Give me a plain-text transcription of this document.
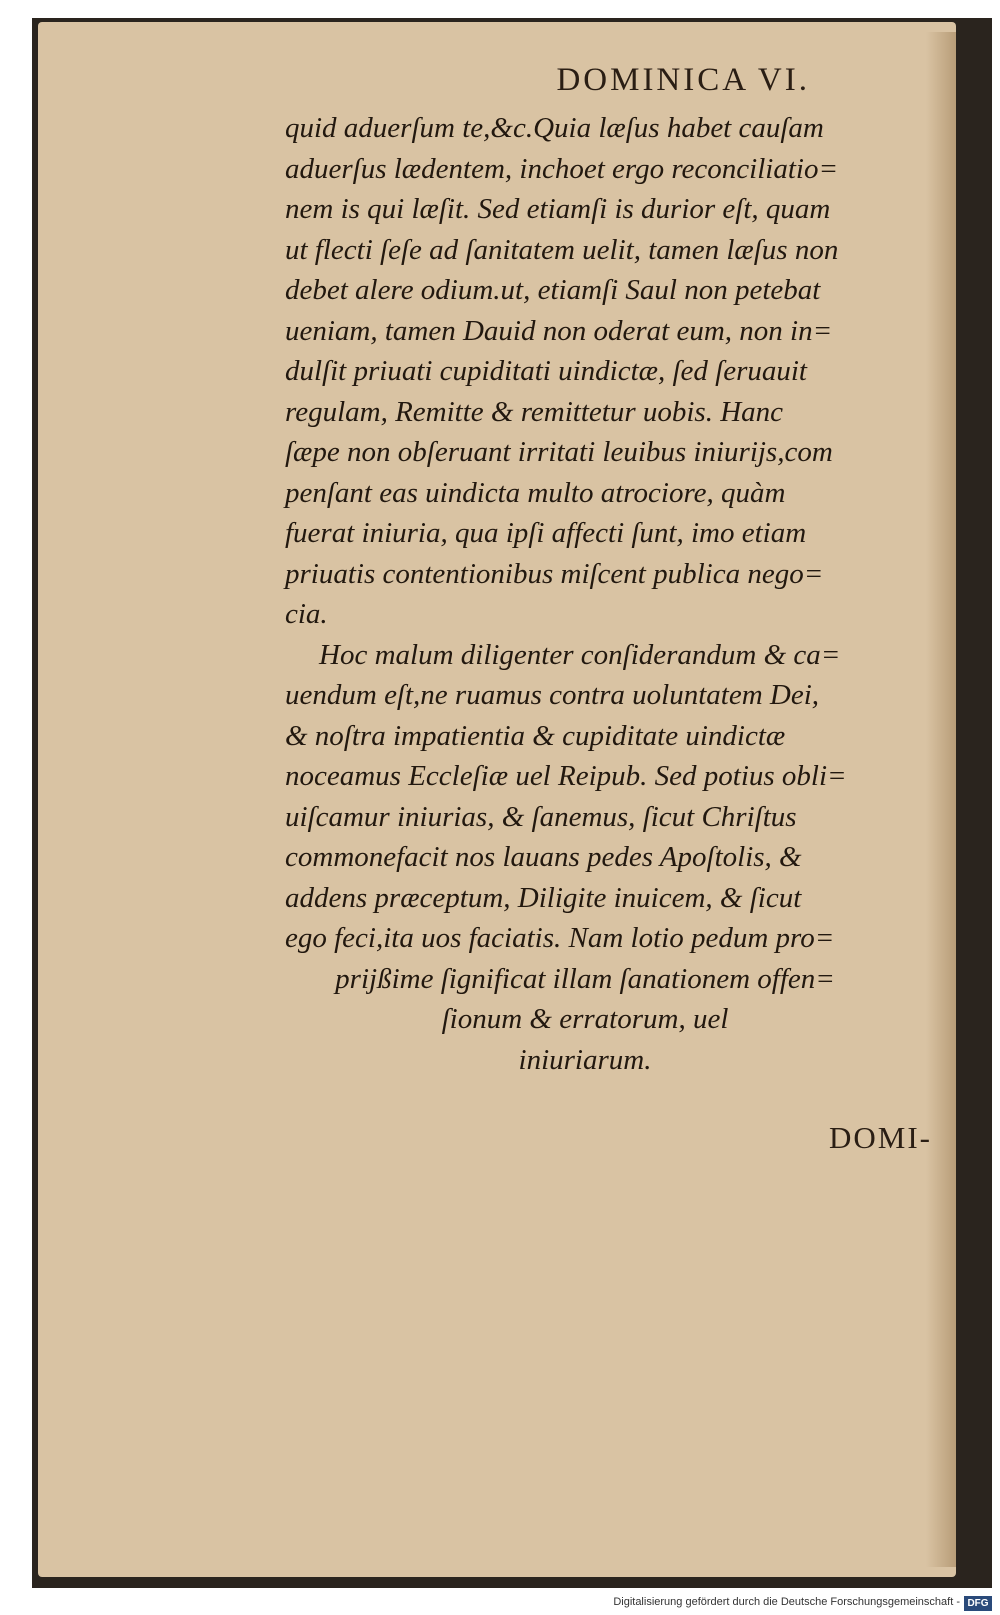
DOMINICA VI.
quid aduerſum te,&c.Quia læſus habet cauſam
aduerſus lædentem, inchoet ergo reconciliatio=
nem is qui læſit. Sed etiamſi is durior eſt, quam
ut flecti ſeſe ad ſanitatem uelit, tamen læſus non
debet alere odium.ut, etiamſi Saul non petebat
ueniam, tamen Dauid non oderat eum, non in=
dulſit priuati cupiditati uindictæ, ſed ſeruauit
regulam, Remitte & remittetur uobis. Hanc
ſæpe non obſeruant irritati leuibus iniurijs,com
penſant eas uindicta multo atrociore, quàm
fuerat iniuria, qua ipſi affecti ſunt, imo etiam
priuatis contentionibus miſcent publica nego=
cia.
Hoc malum diligenter conſiderandum & ca=
uendum eſt,ne ruamus contra uoluntatem Dei,
& noſtra impatientia & cupiditate uindictæ
noceamus Eccleſiæ uel Reipub. Sed potius obli=
uiſcamur iniurias, & ſanemus, ſicut Chriſtus
commonefacit nos lauans pedes Apoſtolis, &
addens præceptum, Diligite inuicem, & ſicut
ego feci,ita uos faciatis. Nam lotio pedum pro=
prijßime ſignificat illam ſanationem offen=
ſionum & erratorum, uel
iniuriarum.
DOMI-
Digitalisierung gefördert durch die Deutsche Forschungsgemeinschaft - DFG
